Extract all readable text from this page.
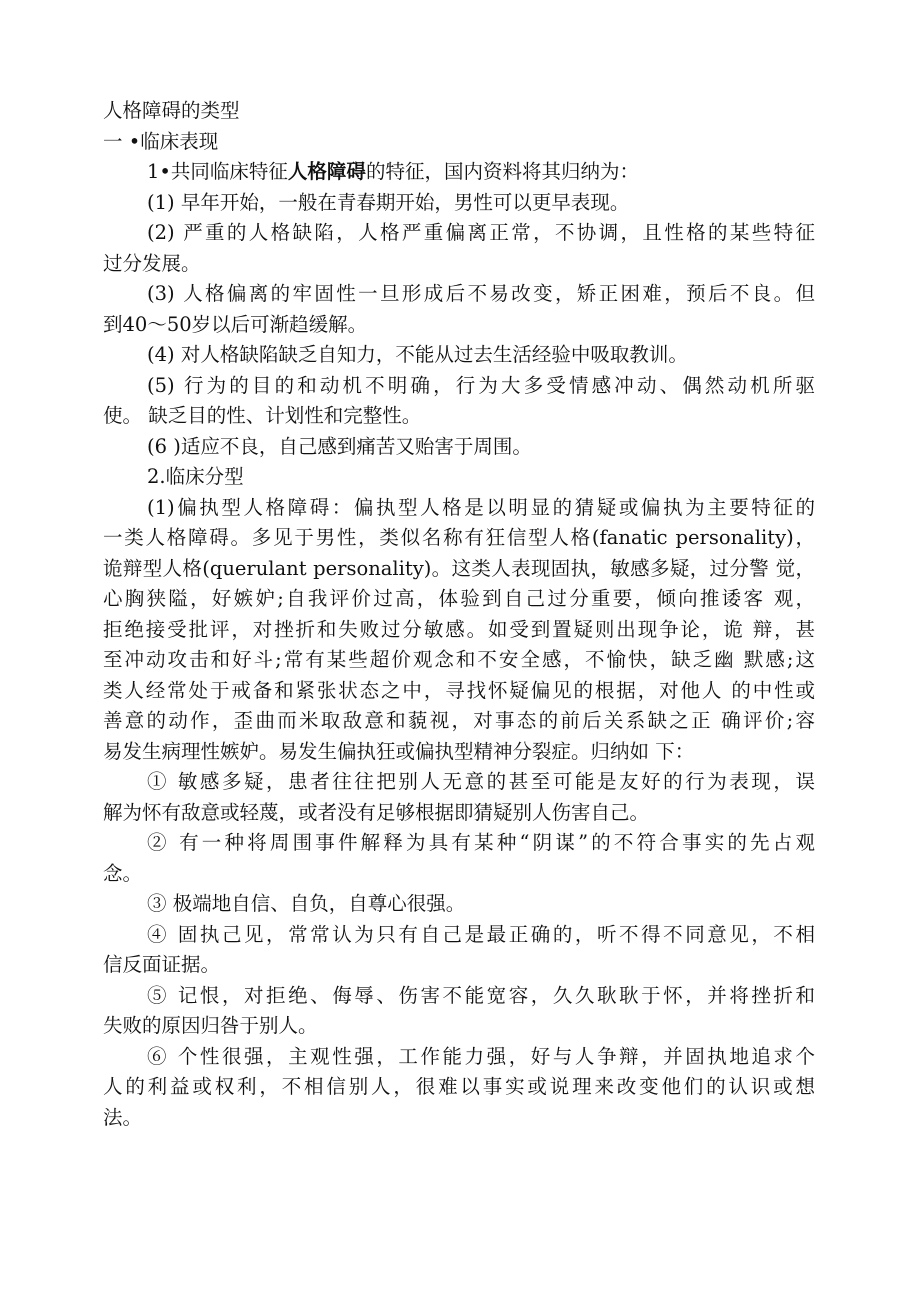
人格障碍的类型

一 •临床表现

1•共同临床特征人格障碍的特征，国内资料将其归纳为：

(1) 早年开始，一般在青春期开始，男性可以更早表现。

(2) 严重的人格缺陷，人格严重偏离正常，不协调，且性格的某些特征

过分发展。

(3) 人格偏离的牢固性一旦形成后不易改变，矫正困难，预后不良。但

到40〜50岁以后可渐趋缓解。

(4) 对人格缺陷缺乏自知力，不能从过去生活经验中吸取教训。

(5) 行为的目的和动机不明确，行为大多受情感冲动、偶然动机所驱

使。 缺乏目的性、计划性和完整性。

(6 )适应不良，自己感到痛苦又贻害于周围。

2.临床分型

(1)偏执型人格障碍：偏执型人格是以明显的猜疑或偏执为主要特征的

一类人格障碍。多见于男性，类似名称有狂信型人格(fanatic personality)，

诡辩型人格(querulant personality)。这类人表现固执，敏感多疑，过分警 觉，

心胸狭隘，好嫉妒;自我评价过高，体验到自己过分重要，倾向推诿客 观，

拒绝接受批评，对挫折和失败过分敏感。如受到置疑则出现争论，诡 辩，甚

至冲动攻击和好斗;常有某些超价观念和不安全感，不愉快，缺乏幽 默感;这

类人经常处于戒备和紧张状态之中，寻找怀疑偏见的根据，对他人 的中性或

善意的动作，歪曲而米取敌意和藐视，对事态的前后关系缺之正 确评价;容

易发生病理性嫉妒。易发生偏执狂或偏执型精神分裂症。归纳如 下：

① 敏感多疑，患者往往把别人无意的甚至可能是友好的行为表现，误

解为怀有敌意或轻蔑，或者没有足够根据即猜疑别人伤害自己。

② 有一种将周围事件解释为具有某种“阴谋”的不符合事实的先占观

念。

③ 极端地自信、自负，自尊心很强。

④ 固执己见，常常认为只有自己是最正确的，听不得不同意见，不相

信反面证据。

⑤ 记恨，对拒绝、侮辱、伤害不能宽容，久久耿耿于怀，并将挫折和

失败的原因归咎于别人。

⑥ 个性很强，主观性强，工作能力强，好与人争辩，并固执地追求个

人的利益或权利，不相信别人，很难以事实或说理来改变他们的认识或想

法。
